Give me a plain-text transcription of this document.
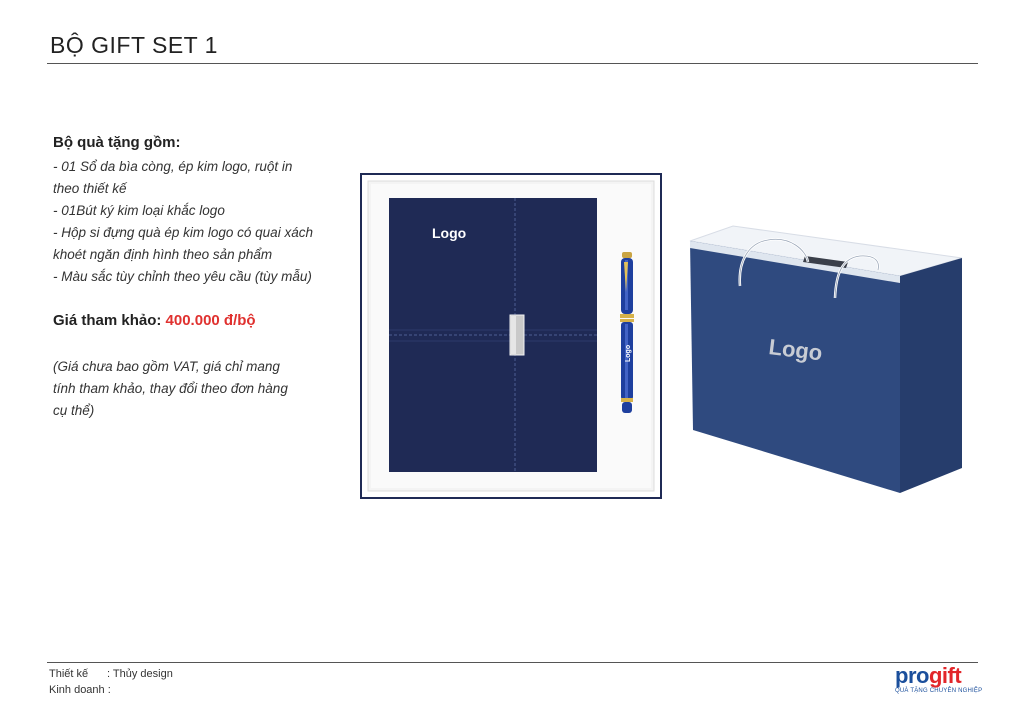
BỘ GIFT SET 1
Bộ quà tặng gồm:
- 01 Sổ da bìa còng, ép kim logo, ruột in
theo thiết kế
- 01Bút ký kim loại khắc logo
- Hộp si đựng quà ép kim logo có quai xách
khoét ngăn định hình theo sản phẩm
- Màu sắc tùy chỉnh theo yêu cầu (tùy mẫu)
Giá tham khảo: 400.000 đ/bộ
(Giá chưa bao gồm VAT, giá chỉ mang
tính tham khảo, thay đổi theo đơn hàng
cụ thể)
Logo
Logo	Logo
Thiết kế : Thủy design
Kinh doanh :
progift
QUÀ TẶNG CHUYÊN NGHIỆP
